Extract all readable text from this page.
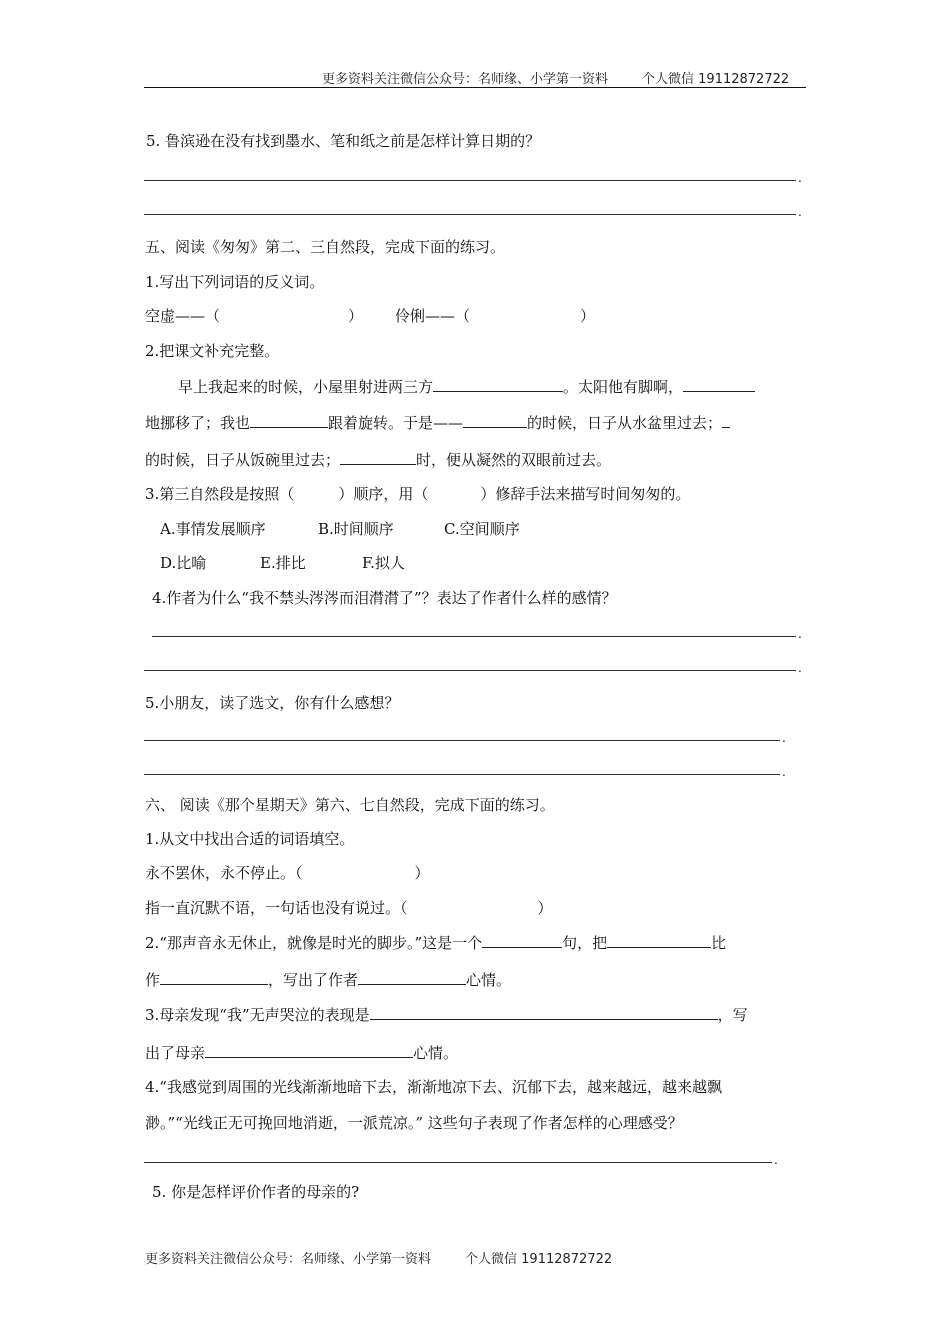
更多资料关注微信公众号：名师缘、小学第一资料	个人微信 19112872722
5. 鲁滨逊在没有找到墨水、笔和纸之前是怎样计算日期的？
.
.
五、阅读《匆匆》第二、三自然段，完成下面的练习。
1.写出下列词语的反义词。
空虚——（	） 伶俐——（	）
2.把课文补充完整。
早上我起来的时候，小屋里射进两三方	。太阳他有脚啊，
地挪移了；我也	跟着旋转。于是——	的时候，日子从水盆里过去；
的时候，日子从饭碗里过去；	时，便从凝然的双眼前过去。
3.第三自然段是按照（	）顺序，用（	）修辞手法来描写时间匆匆的。
A.事情发展顺序	B.时间顺序	C.空间顺序
D.比喻	E.排比	F.拟人
4.作者为什么“我不禁头涔涔而泪潸潸了”？表达了作者什么样的感情？
.
.
5.小朋友，读了选文，你有什么感想？
.
.
六、 阅读《那个星期天》第六、七自然段，完成下面的练习。
1.从文中找出合适的词语填空。
永不罢休，永不停止。（	）
指一直沉默不语，一句话也没有说过。（	）
2.“那声音永无休止，就像是时光的脚步。”这是一个	句，把	比
作	，写出了作者	心情。
3.母亲发现“我”无声哭泣的表现是	，写
出了母亲	心情。
4.“我感觉到周围的光线渐渐地暗下去，渐渐地凉下去、沉郁下去，越来越远，越来越飘
渺。”“光线正无可挽回地消逝，一派荒凉。” 这些句子表现了作者怎样的心理感受？
.
5. 你是怎样评价作者的母亲的?
更多资料关注微信公众号：名师缘、小学第一资料	个人微信 19112872722
